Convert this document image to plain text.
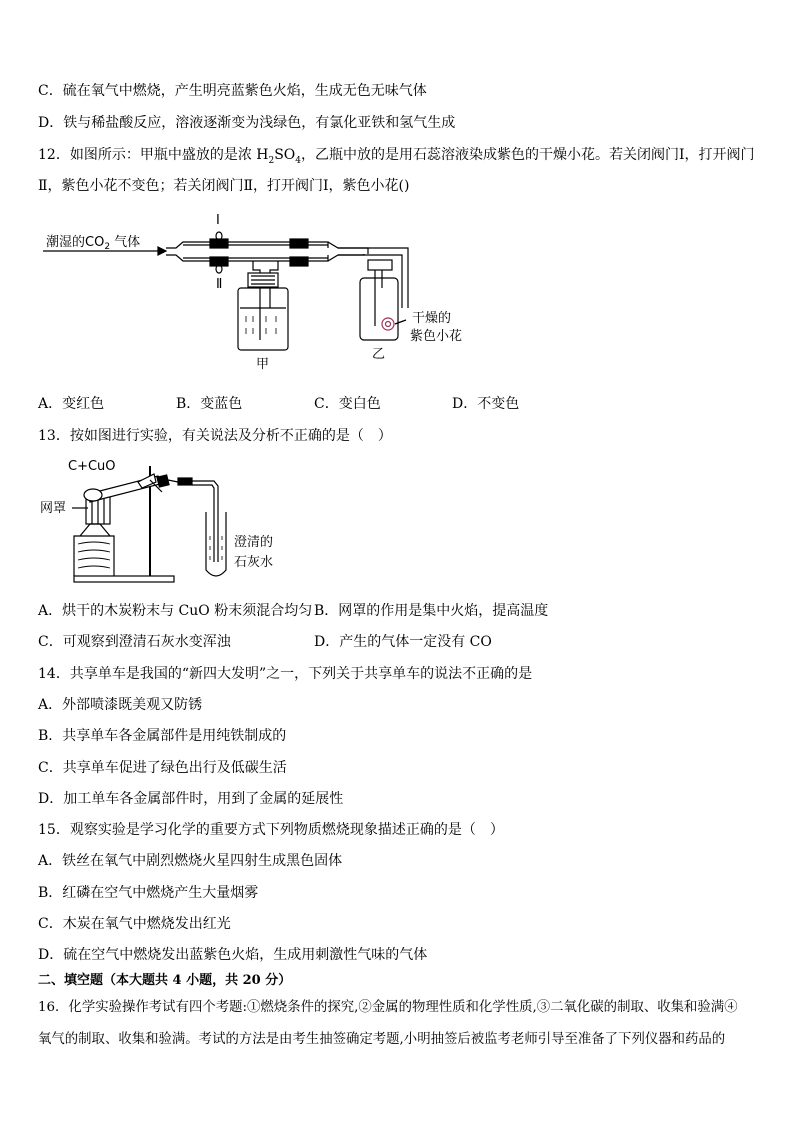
C．硫在氧气中燃烧，产生明亮蓝紫色火焰，生成无色无味气体
D．铁与稀盐酸反应，溶液逐渐变为浅绿色，有氯化亚铁和氢气生成
12．如图所示：甲瓶中盛放的是浓 $H_2SO_4$，乙瓶中放的是用石蕊溶液染成紫色的干燥小花。若关闭阀门Ⅰ，打开阀门
Ⅱ，紫色小花不变色；若关闭阀门Ⅱ，打开阀门Ⅰ，紫色小花()
潮湿的$CO_2$ 气体
Ⅰ
Ⅱ
甲
乙
干燥的
紫色小花
A．变红色	B．变蓝色	C．变白色	D．不变色
13．按如图进行实验，有关说法及分析不正确的是（　）
C+CuO
网罩
澄清的
石灰水
A．烘干的木炭粉末与 CuO 粉末须混合均匀 B．网罩的作用是集中火焰，提高温度
C．可观察到澄清石灰水变浑浊	D．产生的气体一定没有 CO
14．共享单车是我国的“新四大发明”之一，下列关于共享单车的说法不正确的是
A．外部喷漆既美观又防锈
B．共享单车各金属部件是用纯铁制成的
C．共享单车促进了绿色出行及低碳生活
D．加工单车各金属部件时，用到了金属的延展性
15．观察实验是学习化学的重要方式下列物质燃烧现象描述正确的是（　）
A．铁丝在氧气中剧烈燃烧火星四射生成黑色固体
B．红磷在空气中燃烧产生大量烟雾
C．木炭在氧气中燃烧发出红光
D．硫在空气中燃烧发出蓝紫色火焰，生成用刺激性气味的气体
二、填空题（本大题共 4 小题，共 20 分）
16．化学实验操作考试有四个考题:①燃烧条件的探究,②金属的物理性质和化学性质,③二氧化碳的制取、收集和验满④
氧气的制取、收集和验满。考试的方法是由考生抽签确定考题,小明抽签后被监考老师引导至准备了下列仪器和药品的
